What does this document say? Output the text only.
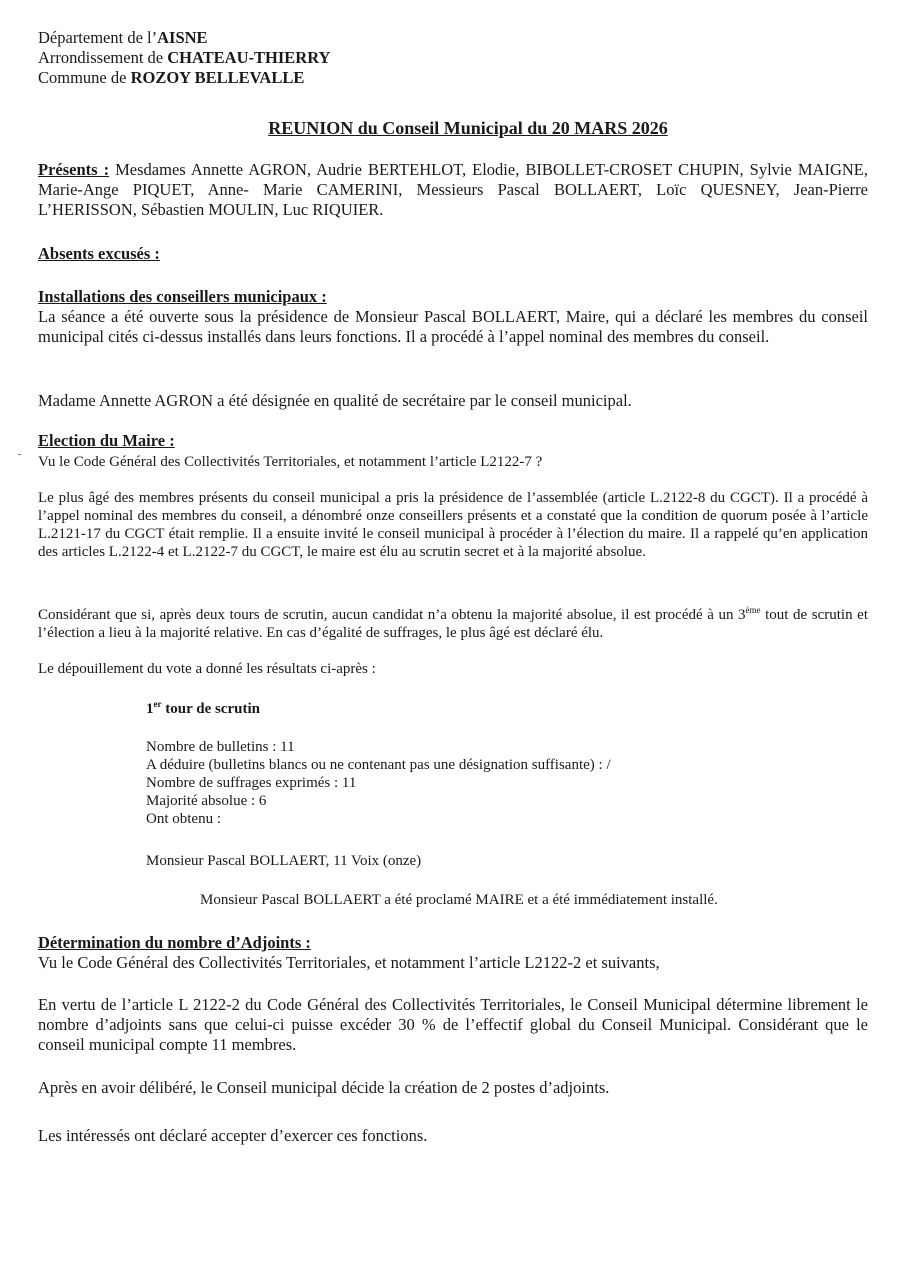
Département de l’AISNE
Arrondissement de CHATEAU-THIERRY
Commune de ROZOY BELLEVALLE
REUNION du Conseil Municipal du 20 MARS 2026

Présents : Mesdames Annette AGRON, Audrie BERTEHLOT, Elodie, BIBOLLET-CROSET CHUPIN, Sylvie MAIGNE, Marie-Ange PIQUET, Anne- Marie CAMERINI, Messieurs Pascal BOLLAERT, Loïc QUESNEY, Jean-Pierre L’HERISSON, Sébastien MOULIN, Luc RIQUIER.

Absents excusés :
Installations des conseillers municipaux :

La séance a été ouverte sous la présidence de Monsieur Pascal BOLLAERT, Maire, qui a déclaré les membres du conseil municipal cités ci-dessus installés dans leurs fonctions. Il a procédé à l’appel nominal des membres du conseil.

Madame Annette AGRON a été désignée en qualité de secrétaire par le conseil municipal.

Election du Maire :

Vu le Code Général des Collectivités Territoriales, et notamment l’article L2122-7 ?

Le plus âgé des membres présents du conseil municipal a pris la présidence de l’assemblée (article L.2122-8 du CGCT). Il a procédé à l’appel nominal des membres du conseil, a dénombré onze conseillers présents et a constaté que la condition de quorum posée à l’article L.2121-17 du CGCT était remplie. Il a ensuite invité le conseil municipal à procéder à l’élection du maire. Il a rappelé qu’en application des articles L.2122-4 et L.2122-7 du CGCT, le maire est élu au scrutin secret et à la majorité absolue.

Considérant que si, après deux tours de scrutin, aucun candidat n’a obtenu la majorité absolue, il est procédé à un 3ème tout de scrutin et l’élection a lieu à la majorité relative. En cas d’égalité de suffrages, le plus âgé est déclaré élu.

Le dépouillement du vote a donné les résultats ci-après :

1er tour de scrutin
Nombre de bulletins : 11
A déduire (bulletins blancs ou ne contenant pas une désignation suffisante) : /
Nombre de suffrages exprimés : 11
Majorité absolue : 6
Ont obtenu :
Monsieur Pascal BOLLAERT, 11 Voix (onze)
Monsieur Pascal BOLLAERT a été proclamé MAIRE et a été immédiatement installé.
Détermination du nombre d’Adjoints :

Vu le Code Général des Collectivités Territoriales, et notamment l’article L2122-2 et suivants,

En vertu de l’article L 2122-2 du Code Général des Collectivités Territoriales, le Conseil Municipal détermine librement le nombre d’adjoints sans que celui-ci puisse excéder 30 % de l’effectif global du Conseil Municipal. Considérant que le conseil municipal compte 11 membres.

Après en avoir délibéré, le Conseil municipal décide la création de 2 postes d’adjoints.

Les intéressés ont déclaré accepter d’exercer ces fonctions.
